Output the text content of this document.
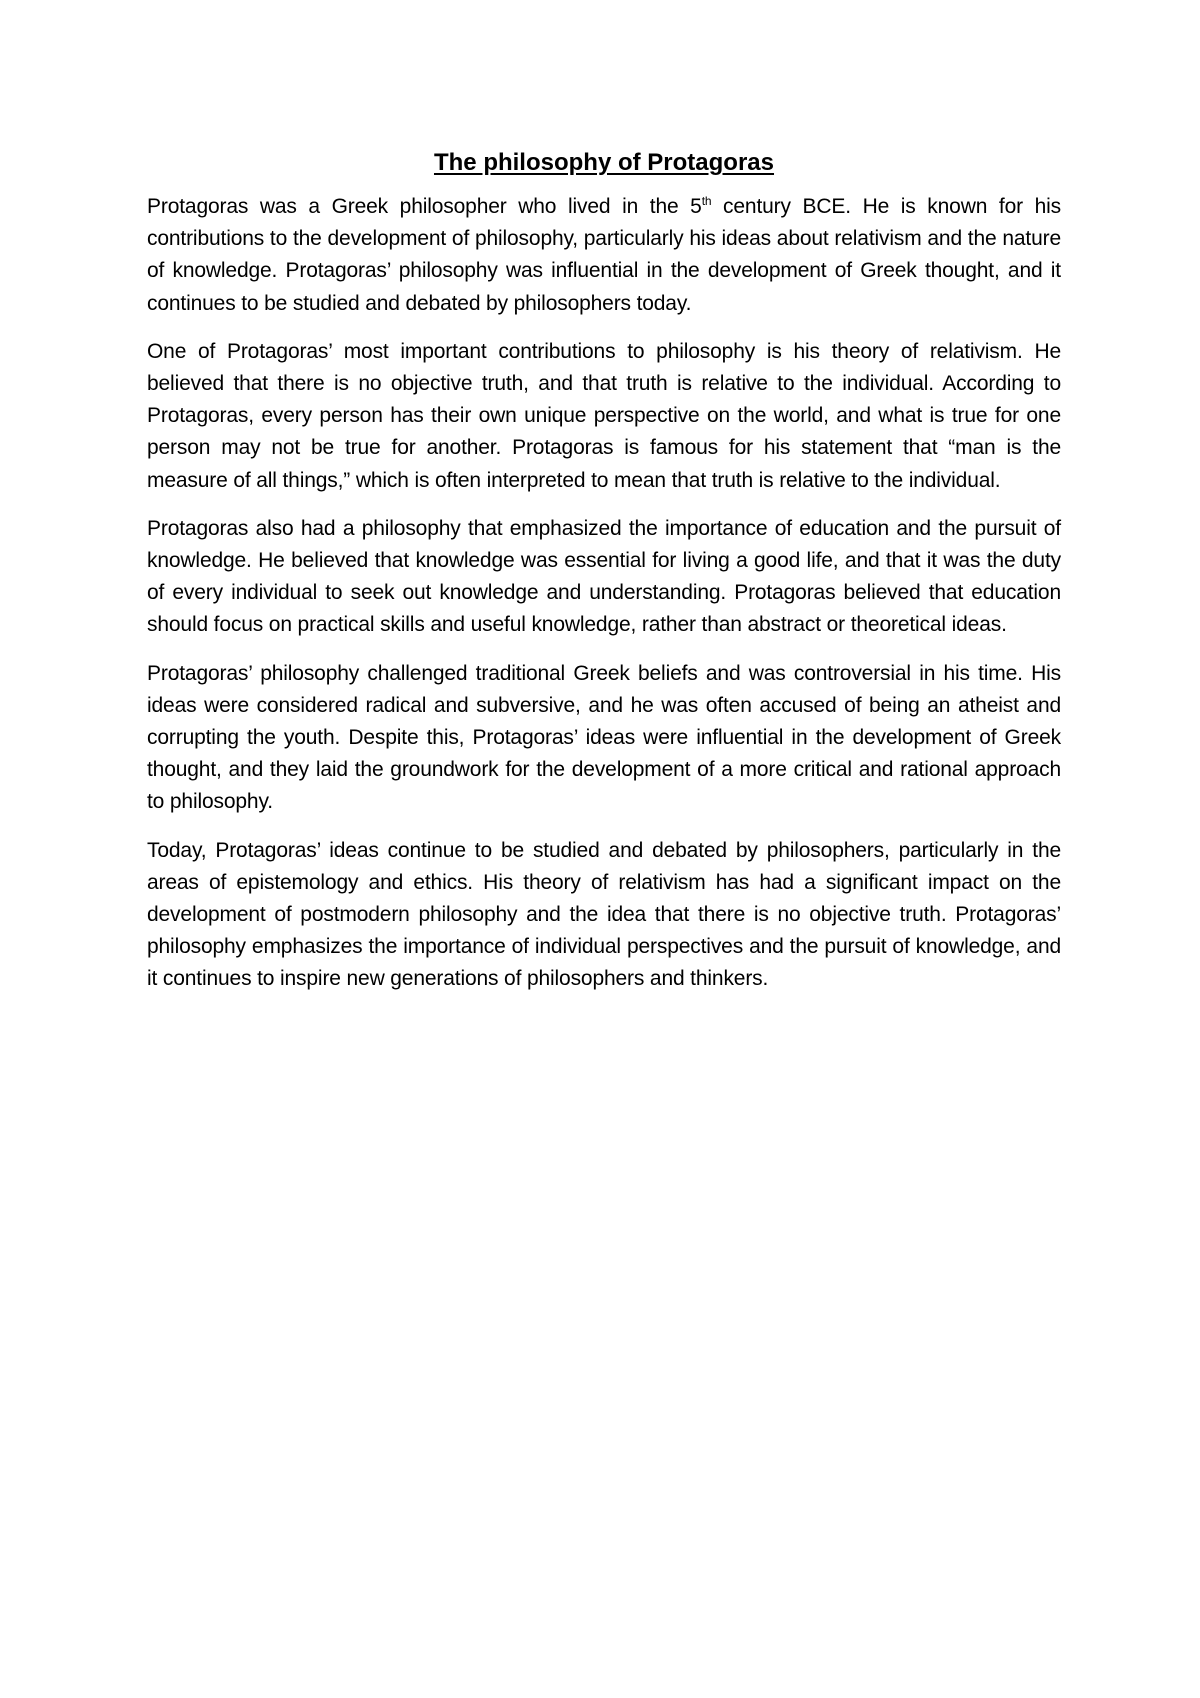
The philosophy of Protagoras

Protagoras was a Greek philosopher who lived in the 5th century BCE. He is known for his contributions to the development of philosophy, particularly his ideas about relativism and the nature of knowledge. Protagoras’ philosophy was influential in the development of Greek thought, and it continues to be studied and debated by philosophers today.

One of Protagoras’ most important contributions to philosophy is his theory of relativism. He believed that there is no objective truth, and that truth is relative to the individual. According to Protagoras, every person has their own unique perspective on the world, and what is true for one person may not be true for another. Protagoras is famous for his statement that “man is the measure of all things,” which is often interpreted to mean that truth is relative to the individual.

Protagoras also had a philosophy that emphasized the importance of education and the pursuit of knowledge. He believed that knowledge was essential for living a good life, and that it was the duty of every individual to seek out knowledge and understanding. Protagoras believed that education should focus on practical skills and useful knowledge, rather than abstract or theoretical ideas.

Protagoras’ philosophy challenged traditional Greek beliefs and was controversial in his time. His ideas were considered radical and subversive, and he was often accused of being an atheist and corrupting the youth. Despite this, Protagoras’ ideas were influential in the development of Greek thought, and they laid the groundwork for the development of a more critical and rational approach to philosophy.

Today, Protagoras’ ideas continue to be studied and debated by philosophers, particularly in the areas of epistemology and ethics. His theory of relativism has had a significant impact on the development of postmodern philosophy and the idea that there is no objective truth. Protagoras’ philosophy emphasizes the importance of individual perspectives and the pursuit of knowledge, and it continues to inspire new generations of philosophers and thinkers.
